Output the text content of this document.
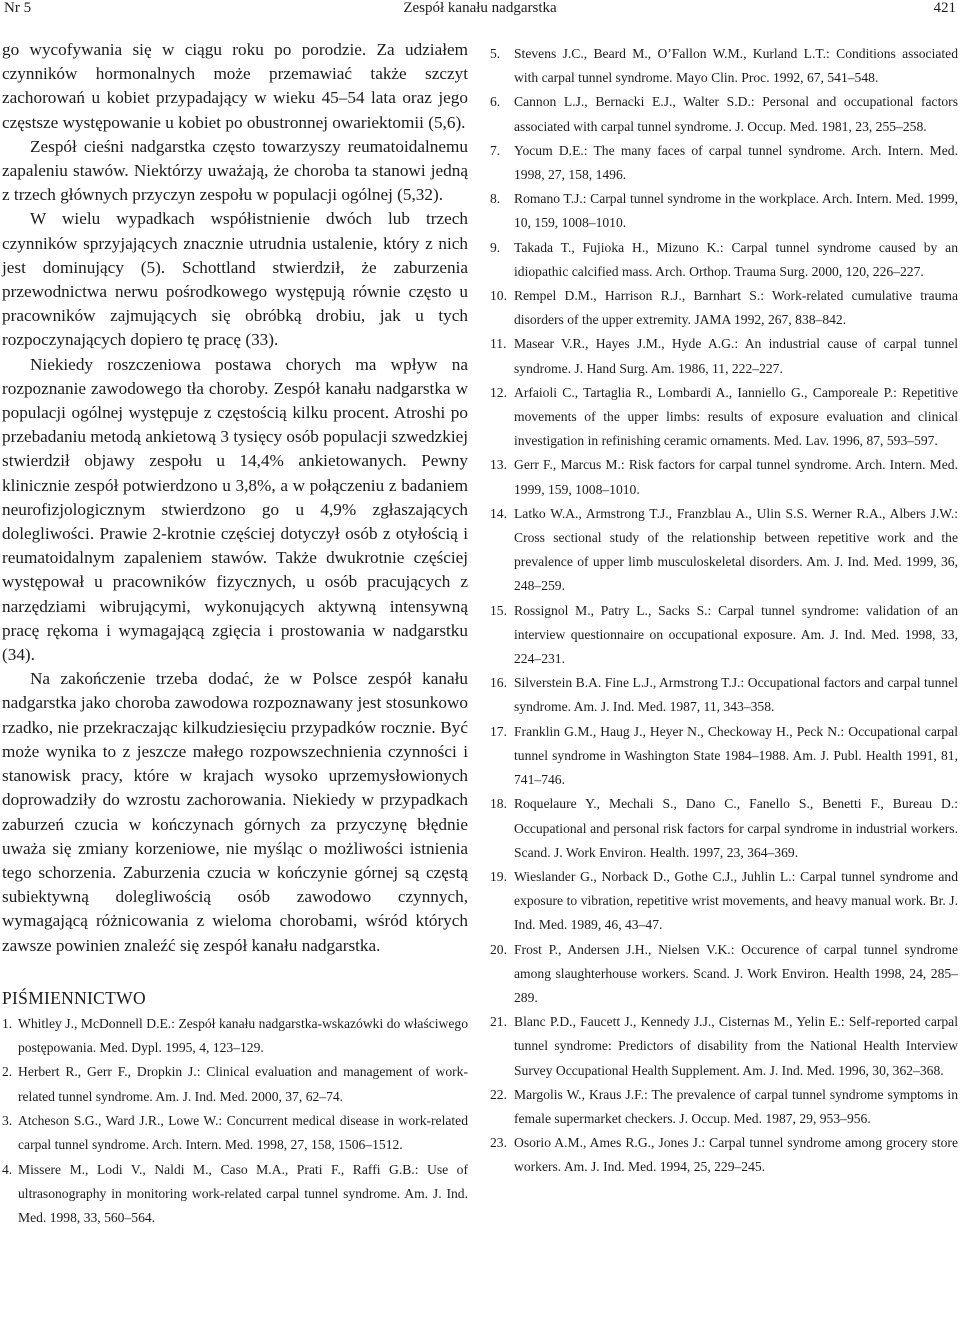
Nr 5	Zespół kanału nadgarstka	421

go wycofywania się w ciągu roku po porodzie. Za udziałem czynników hormonalnych może przemawiać także szczyt zachorowań u kobiet przypadający w wieku 45–54 lata oraz jego częstsze występowanie u kobiet po obustronnej owariektomii (5,6).

Zespół cieśni nadgarstka często towarzyszy reumatoidalnemu zapaleniu stawów. Niektórzy uważają, że choroba ta stanowi jedną z trzech głównych przyczyn zespołu w populacji ogólnej (5,32).

W wielu wypadkach współistnienie dwóch lub trzech czynników sprzyjających znacznie utrudnia ustalenie, który z nich jest dominujący (5). Schottland stwierdził, że zaburzenia przewodnictwa nerwu pośrodkowego występują równie często u pracowników zajmujących się obróbką drobiu, jak u tych rozpoczynających dopiero tę pracę (33).

Niekiedy roszczeniowa postawa chorych ma wpływ na rozpoznanie zawodowego tła choroby. Zespół kanału nadgarstka w populacji ogólnej występuje z częstością kilku procent. Atroshi po przebadaniu metodą ankietową 3 tysięcy osób populacji szwedzkiej stwierdził objawy zespołu u 14,4% ankietowanych. Pewny klinicznie zespół potwierdzono u 3,8%, a w połączeniu z badaniem neurofizjologicznym stwierdzono go u 4,9% zgłaszających dolegliwości. Prawie 2-krotnie częściej dotyczył osób z otyłością i reumatoidalnym zapaleniem stawów. Także dwukrotnie częściej występował u pracowników fizycznych, u osób pracujących z narzędziami wibrującymi, wykonujących aktywną intensywną pracę rękoma i wymagającą zgięcia i prostowania w nadgarstku (34).

Na zakończenie trzeba dodać, że w Polsce zespół kanału nadgarstka jako choroba zawodowa rozpoznawany jest stosunkowo rzadko, nie przekraczając kilkudziesięciu przypadków rocznie. Być może wynika to z jeszcze małego rozpowszechnienia czynności i stanowisk pracy, które w krajach wysoko uprzemysłowionych doprowadziły do wzrostu zachorowania. Niekiedy w przypadkach zaburzeń czucia w kończynach górnych za przyczynę błędnie uważa się zmiany korzeniowe, nie myśląc o możliwości istnienia tego schorzenia. Zaburzenia czucia w kończynie górnej są częstą subiektywną dolegliwością osób zawodowo czynnych, wymagającą różnicowania z wieloma chorobami, wśród których zawsze powinien znaleźć się zespół kanału nadgarstka.

PIŚMIENNICTWO
1. Whitley J., McDonnell D.E.: Zespół kanału nadgarstka-wskazówki do właściwego postępowania. Med. Dypl. 1995, 4, 123–129.
2. Herbert R., Gerr F., Dropkin J.: Clinical evaluation and management of work-related tunnel syndrome. Am. J. Ind. Med. 2000, 37, 62–74.
3. Atcheson S.G., Ward J.R., Lowe W.: Concurrent medical disease in work-related carpal tunnel syndrome. Arch. Intern. Med. 1998, 27, 158, 1506–1512.
4. Missere M., Lodi V., Naldi M., Caso M.A., Prati F., Raffi G.B.: Use of ultrasonography in monitoring work-related carpal tunnel syndrome. Am. J. Ind. Med. 1998, 33, 560–564.
5. Stevens J.C., Beard M., O’Fallon W.M., Kurland L.T.: Conditions associated with carpal tunnel syndrome. Mayo Clin. Proc. 1992, 67, 541–548.
6. Cannon L.J., Bernacki E.J., Walter S.D.: Personal and occupational factors associated with carpal tunnel syndrome. J. Occup. Med. 1981, 23, 255–258.
7. Yocum D.E.: The many faces of carpal tunnel syndrome. Arch. Intern. Med. 1998, 27, 158, 1496.
8. Romano T.J.: Carpal tunnel syndrome in the workplace. Arch. Intern. Med. 1999, 10, 159, 1008–1010.
9. Takada T., Fujioka H., Mizuno K.: Carpal tunnel syndrome caused by an idiopathic calcified mass. Arch. Orthop. Trauma Surg. 2000, 120, 226–227.
10. Rempel D.M., Harrison R.J., Barnhart S.: Work-related cumulative trauma disorders of the upper extremity. JAMA 1992, 267, 838–842.
11. Masear V.R., Hayes J.M., Hyde A.G.: An industrial cause of carpal tunnel syndrome. J. Hand Surg. Am. 1986, 11, 222–227.
12. Arfaioli C., Tartaglia R., Lombardi A., Ianniello G., Camporeale P.: Repetitive movements of the upper limbs: results of exposure evaluation and clinical investigation in refinishing ceramic ornaments. Med. Lav. 1996, 87, 593–597.
13. Gerr F., Marcus M.: Risk factors for carpal tunnel syndrome. Arch. Intern. Med. 1999, 159, 1008–1010.
14. Latko W.A., Armstrong T.J., Franzblau A., Ulin S.S. Werner R.A., Albers J.W.: Cross sectional study of the relationship between repetitive work and the prevalence of upper limb musculoskeletal disorders. Am. J. Ind. Med. 1999, 36, 248–259.
15. Rossignol M., Patry L., Sacks S.: Carpal tunnel syndrome: validation of an interview questionnaire on occupational exposure. Am. J. Ind. Med. 1998, 33, 224–231.
16. Silverstein B.A. Fine L.J., Armstrong T.J.: Occupational factors and carpal tunnel syndrome. Am. J. Ind. Med. 1987, 11, 343–358.
17. Franklin G.M., Haug J., Heyer N., Checkoway H., Peck N.: Occupational carpal tunnel syndrome in Washington State 1984–1988. Am. J. Publ. Health 1991, 81, 741–746.
18. Roquelaure Y., Mechali S., Dano C., Fanello S., Benetti F., Bureau D.: Occupational and personal risk factors for carpal syndrome in industrial workers. Scand. J. Work Environ. Health. 1997, 23, 364–369.
19. Wieslander G., Norback D., Gothe C.J., Juhlin L.: Carpal tunnel syndrome and exposure to vibration, repetitive wrist movements, and heavy manual work. Br. J. Ind. Med. 1989, 46, 43–47.
20. Frost P., Andersen J.H., Nielsen V.K.: Occurence of carpal tunnel syndrome among slaughterhouse workers. Scand. J. Work Environ. Health 1998, 24, 285–289.
21. Blanc P.D., Faucett J., Kennedy J.J., Cisternas M., Yelin E.: Self-reported carpal tunnel syndrome: Predictors of disability from the National Health Interview Survey Occupational Health Supplement. Am. J. Ind. Med. 1996, 30, 362–368.
22. Margolis W., Kraus J.F.: The prevalence of carpal tunnel syndrome symptoms in female supermarket checkers. J. Occup. Med. 1987, 29, 953–956.
23. Osorio A.M., Ames R.G., Jones J.: Carpal tunnel syndrome among grocery store workers. Am. J. Ind. Med. 1994, 25, 229–245.
